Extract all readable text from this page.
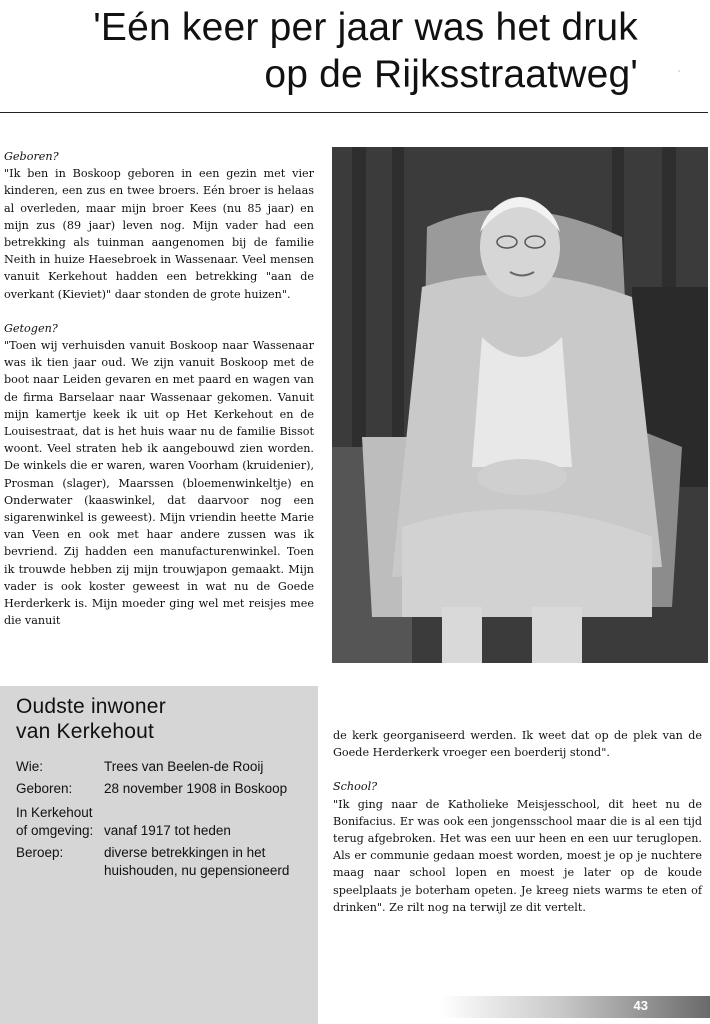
'Eén keer per jaar was het druk
op de Rijksstraatweg'	′
Geboren?
"Ik ben in Boskoop geboren in een gezin met vier kinderen, een zus en twee broers. Eén broer is helaas al overleden, maar mijn broer Kees (nu 85 jaar) en mijn zus (89 jaar) leven nog. Mijn vader had een betrekking als tuinman aangenomen bij de familie Neith in huize Haesebroek in Wassenaar. Veel mensen vanuit Kerkehout hadden een betrekking "aan de overkant (Kieviet)" daar stonden de grote huizen".
Getogen?
"Toen wij verhuisden vanuit Boskoop naar Wassenaar was ik tien jaar oud. We zijn vanuit Boskoop met de boot naar Leiden gevaren en met paard en wagen van de firma Barselaar naar Wassenaar gekomen. Vanuit mijn kamertje keek ik uit op Het Kerkehout en de Louisestraat, dat is het huis waar nu de familie Bissot woont. Veel straten heb ik aangebouwd zien worden. De winkels die er waren, waren Voorham (kruidenier), Prosman (slager), Maarssen (bloemenwinkeltje) en Onderwater (kaaswinkel, dat daarvoor nog een sigarenwinkel is geweest). Mijn vriendin heette Marie van Veen en ook met haar andere zussen was ik bevriend. Zij hadden een manufacturenwinkel. Toen ik trouwde hebben zij mijn trouwjapon gemaakt. Mijn vader is ook koster geweest in wat nu de Goede Herderkerk is. Mijn moeder ging wel met reisjes mee die vanuit
Oudste inwoner
van Kerkehout
Wie:	Trees van Beelen-de Rooij
Geboren:	28 november 1908 in Boskoop
In Kerkehout
of omgeving: vanaf 1917 tot heden
Beroep:	diverse betrekkingen in het
huishouden, nu gepensioneerd
de kerk georganiseerd werden. Ik weet dat op de plek van de Goede Herderkerk vroeger een boerderij stond".
School?
"Ik ging naar de Katholieke Meisjesschool, dit heet nu de Bonifacius. Er was ook een jongensschool maar die is al een tijd terug afgebroken. Het was een uur heen en een uur teruglopen. Als er communie gedaan moest worden, moest je op je nuchtere maag naar school lopen en moest je later op de koude speelplaats je boterham opeten. Je kreeg niets warms te eten of drinken". Ze rilt nog na terwijl ze dit vertelt.
43
